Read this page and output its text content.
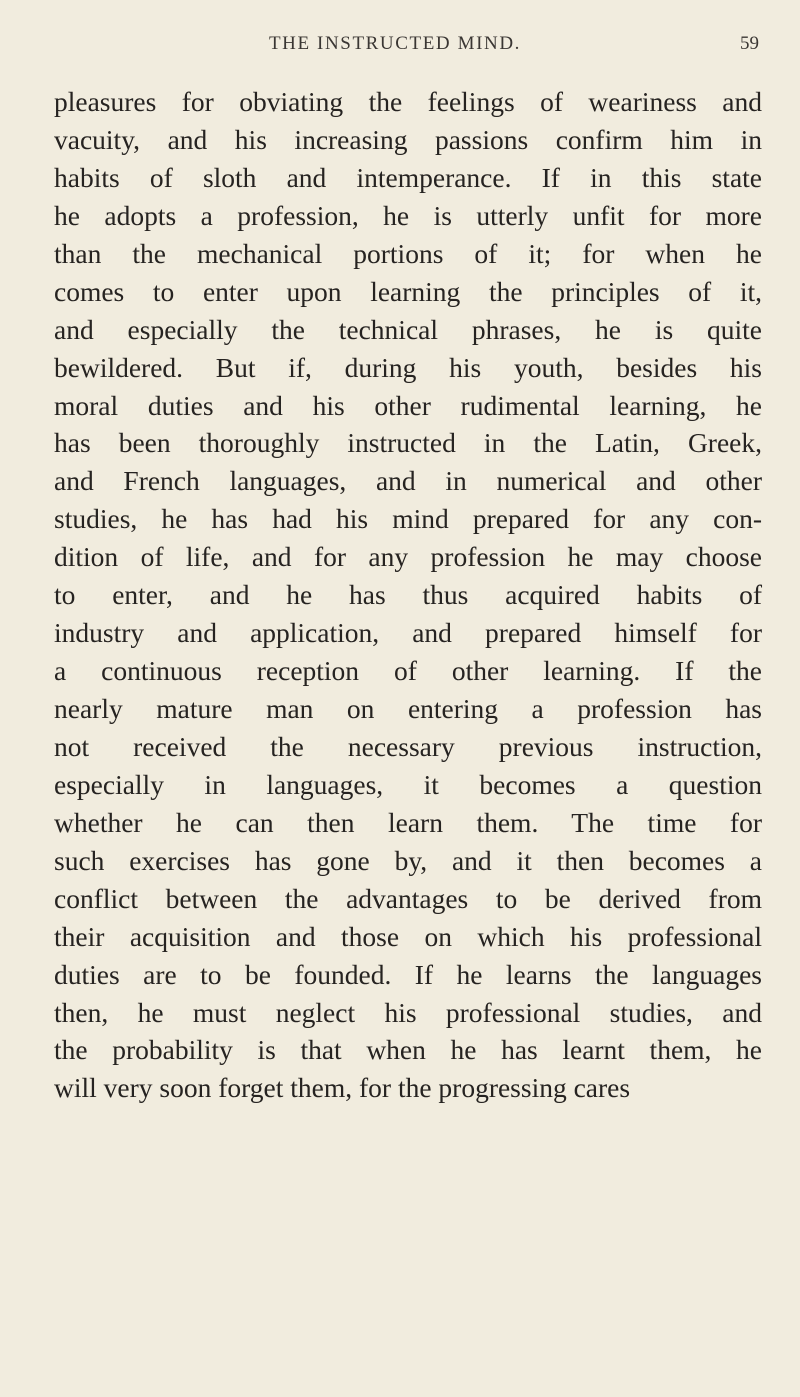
THE INSTRUCTED MIND.	59
pleasures for obviating the feelings of weariness and
vacuity, and his increasing passions confirm him in
habits of sloth and intemperance. If in this state
he adopts a profession, he is utterly unfit for more
than the mechanical portions of it; for when he
comes to enter upon learning the principles of it,
and especially the technical phrases, he is quite
bewildered. But if, during his youth, besides his
moral duties and his other rudimental learning, he
has been thoroughly instructed in the Latin, Greek,
and French languages, and in numerical and other
studies, he has had his mind prepared for any con-
dition of life, and for any profession he may choose
to enter, and he has thus acquired habits of
industry and application, and prepared himself for
a continuous reception of other learning. If the
nearly mature man on entering a profession has
not received the necessary previous instruction,
especially in languages, it becomes a question
whether he can then learn them. The time for
such exercises has gone by, and it then becomes a
conflict between the advantages to be derived from
their acquisition and those on which his professional
duties are to be founded. If he learns the languages
then, he must neglect his professional studies, and
the probability is that when he has learnt them, he
will very soon forget them, for the progressing cares
